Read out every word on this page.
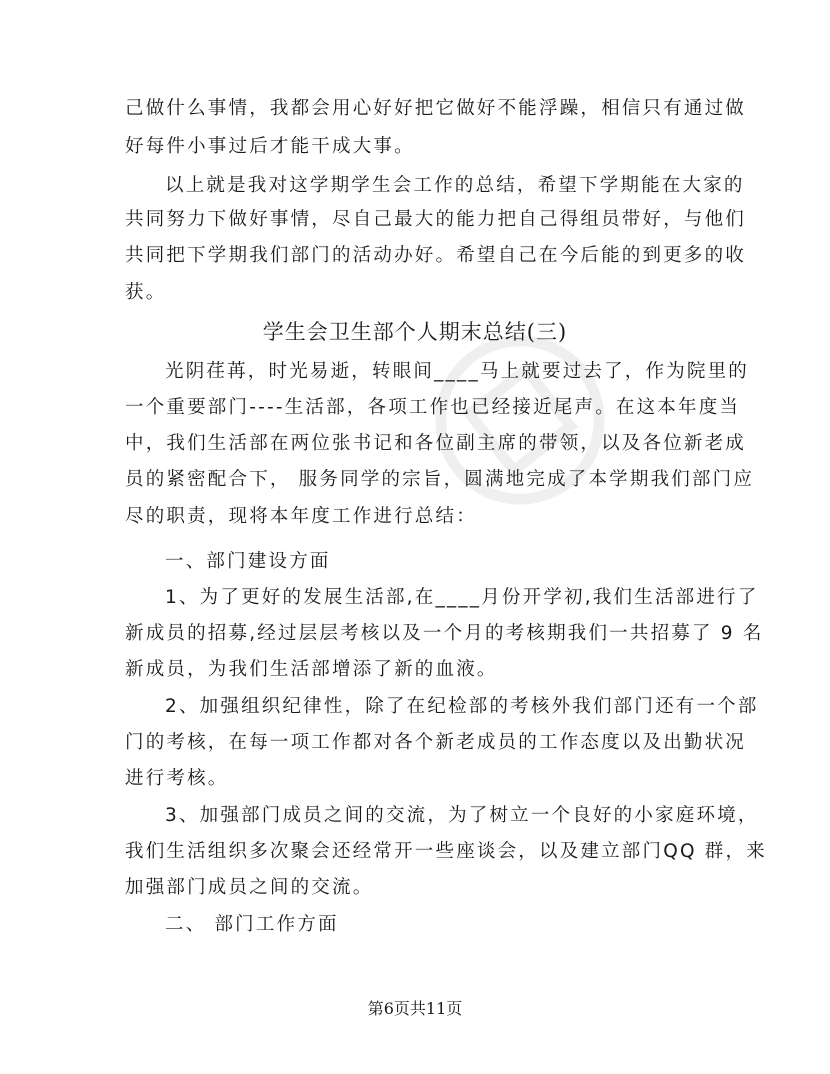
己做什么事情，我都会用心好好把它做好不能浮躁，相信只有通过做
好每件小事过后才能干成大事。
以上就是我对这学期学生会工作的总结，希望下学期能在大家的
共同努力下做好事情，尽自己最大的能力把自己得组员带好，与他们
共同把下学期我们部门的活动办好。希望自己在今后能的到更多的收
获。
学生会卫生部个人期末总结(三)
光阴荏苒，时光易逝，转眼间____马上就要过去了，作为院里的
一个重要部门----生活部，各项工作也已经接近尾声。在这本年度当
中，我们生活部在两位张书记和各位副主席的带领，以及各位新老成
员的紧密配合下， 服务同学的宗旨，圆满地完成了本学期我们部门应
尽的职责，现将本年度工作进行总结：
一、部门建设方面
1、为了更好的发展生活部,在____月份开学初,我们生活部进行了
新成员的招募,经过层层考核以及一个月的考核期我们一共招募了 9 名
新成员，为我们生活部增添了新的血液。
2、加强组织纪律性，除了在纪检部的考核外我们部门还有一个部
门的考核，在每一项工作都对各个新老成员的工作态度以及出勤状况
进行考核。
3、加强部门成员之间的交流，为了树立一个良好的小家庭环境，
我们生活组织多次聚会还经常开一些座谈会，以及建立部门QQ 群，来
加强部门成员之间的交流。
二、 部门工作方面
第6页共11页
